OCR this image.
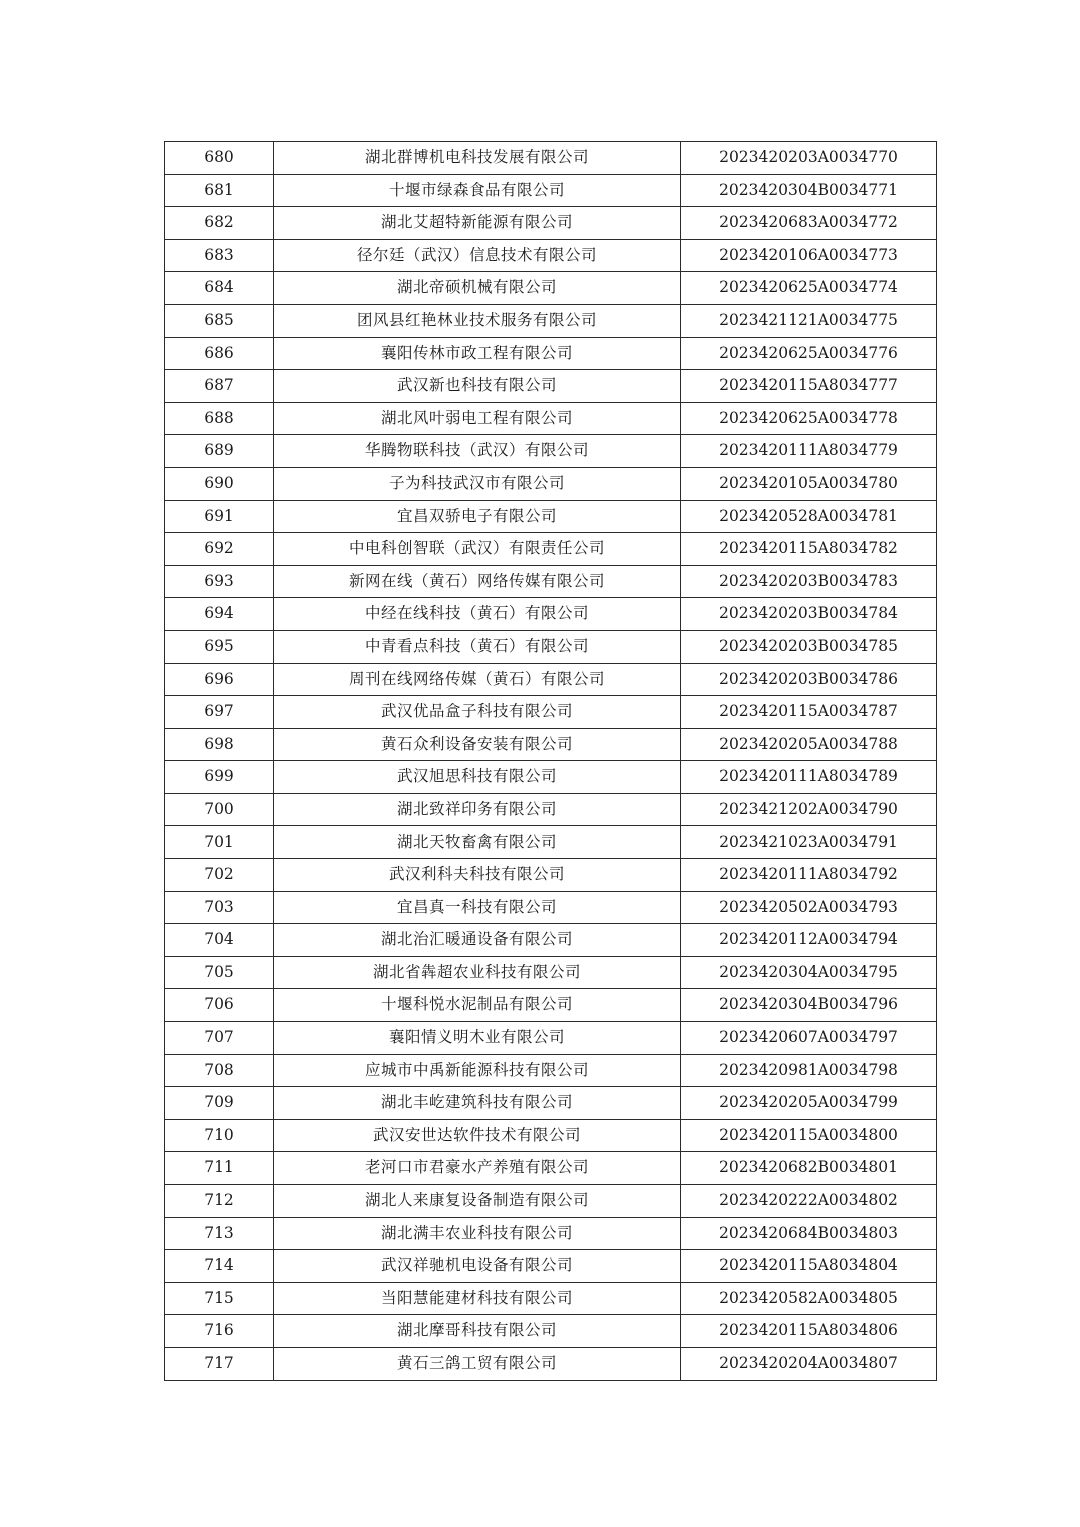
680	湖北群博机电科技发展有限公司	2023420203A0034770
681	十堰市绿森食品有限公司	2023420304B0034771
682	湖北艾超特新能源有限公司	2023420683A0034772
683	径尔廷（武汉）信息技术有限公司	2023420106A0034773
684	湖北帝硕机械有限公司	2023420625A0034774
685	团风县红艳林业技术服务有限公司	2023421121A0034775
686	襄阳传林市政工程有限公司	2023420625A0034776
687	武汉新也科技有限公司	2023420115A8034777
688	湖北风叶弱电工程有限公司	2023420625A0034778
689	华腾物联科技（武汉）有限公司	2023420111A8034779
690	子为科技武汉市有限公司	2023420105A0034780
691	宜昌双骄电子有限公司	2023420528A0034781
692	中电科创智联（武汉）有限责任公司	2023420115A8034782
693	新网在线（黄石）网络传媒有限公司	2023420203B0034783
694	中经在线科技（黄石）有限公司	2023420203B0034784
695	中青看点科技（黄石）有限公司	2023420203B0034785
696	周刊在线网络传媒（黄石）有限公司	2023420203B0034786
697	武汉优品盒子科技有限公司	2023420115A0034787
698	黄石众利设备安装有限公司	2023420205A0034788
699	武汉旭思科技有限公司	2023420111A8034789
700	湖北致祥印务有限公司	2023421202A0034790
701	湖北天牧畜禽有限公司	2023421023A0034791
702	武汉利科夫科技有限公司	2023420111A8034792
703	宜昌真一科技有限公司	2023420502A0034793
704	湖北治汇暖通设备有限公司	2023420112A0034794
705	湖北省犇超农业科技有限公司	2023420304A0034795
706	十堰科悦水泥制品有限公司	2023420304B0034796
707	襄阳情义明木业有限公司	2023420607A0034797
708	应城市中禹新能源科技有限公司	2023420981A0034798
709	湖北丰屹建筑科技有限公司	2023420205A0034799
710	武汉安世达软件技术有限公司	2023420115A0034800
711	老河口市君豪水产养殖有限公司	2023420682B0034801
712	湖北人来康复设备制造有限公司	2023420222A0034802
713	湖北满丰农业科技有限公司	2023420684B0034803
714	武汉祥驰机电设备有限公司	2023420115A8034804
715	当阳慧能建材科技有限公司	2023420582A0034805
716	湖北摩哥科技有限公司	2023420115A8034806
717	黄石三鸽工贸有限公司	2023420204A0034807
